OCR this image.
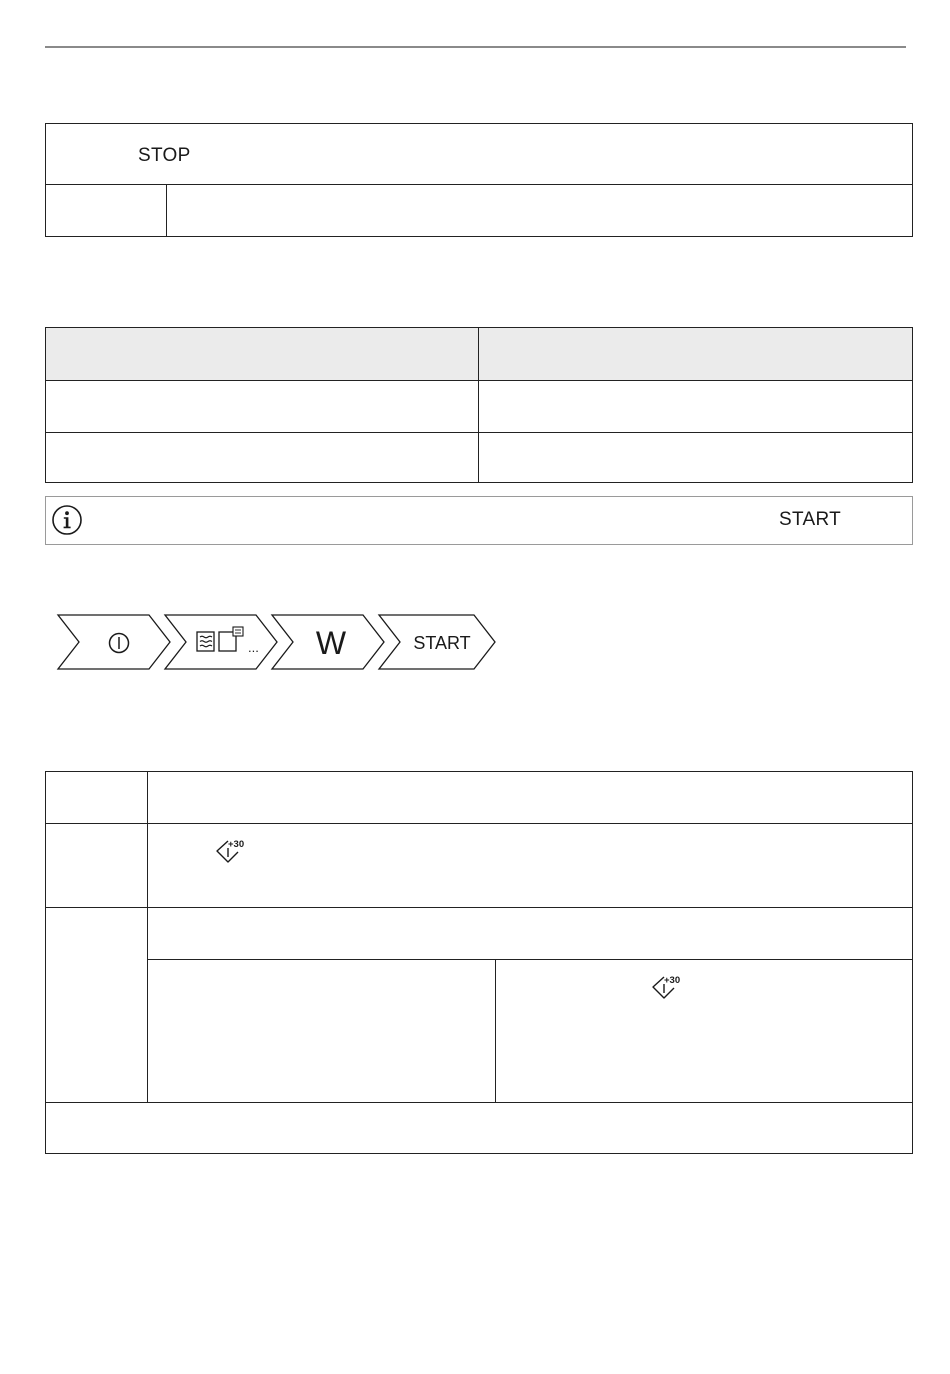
STOP
START
... W	START
+30
+30
